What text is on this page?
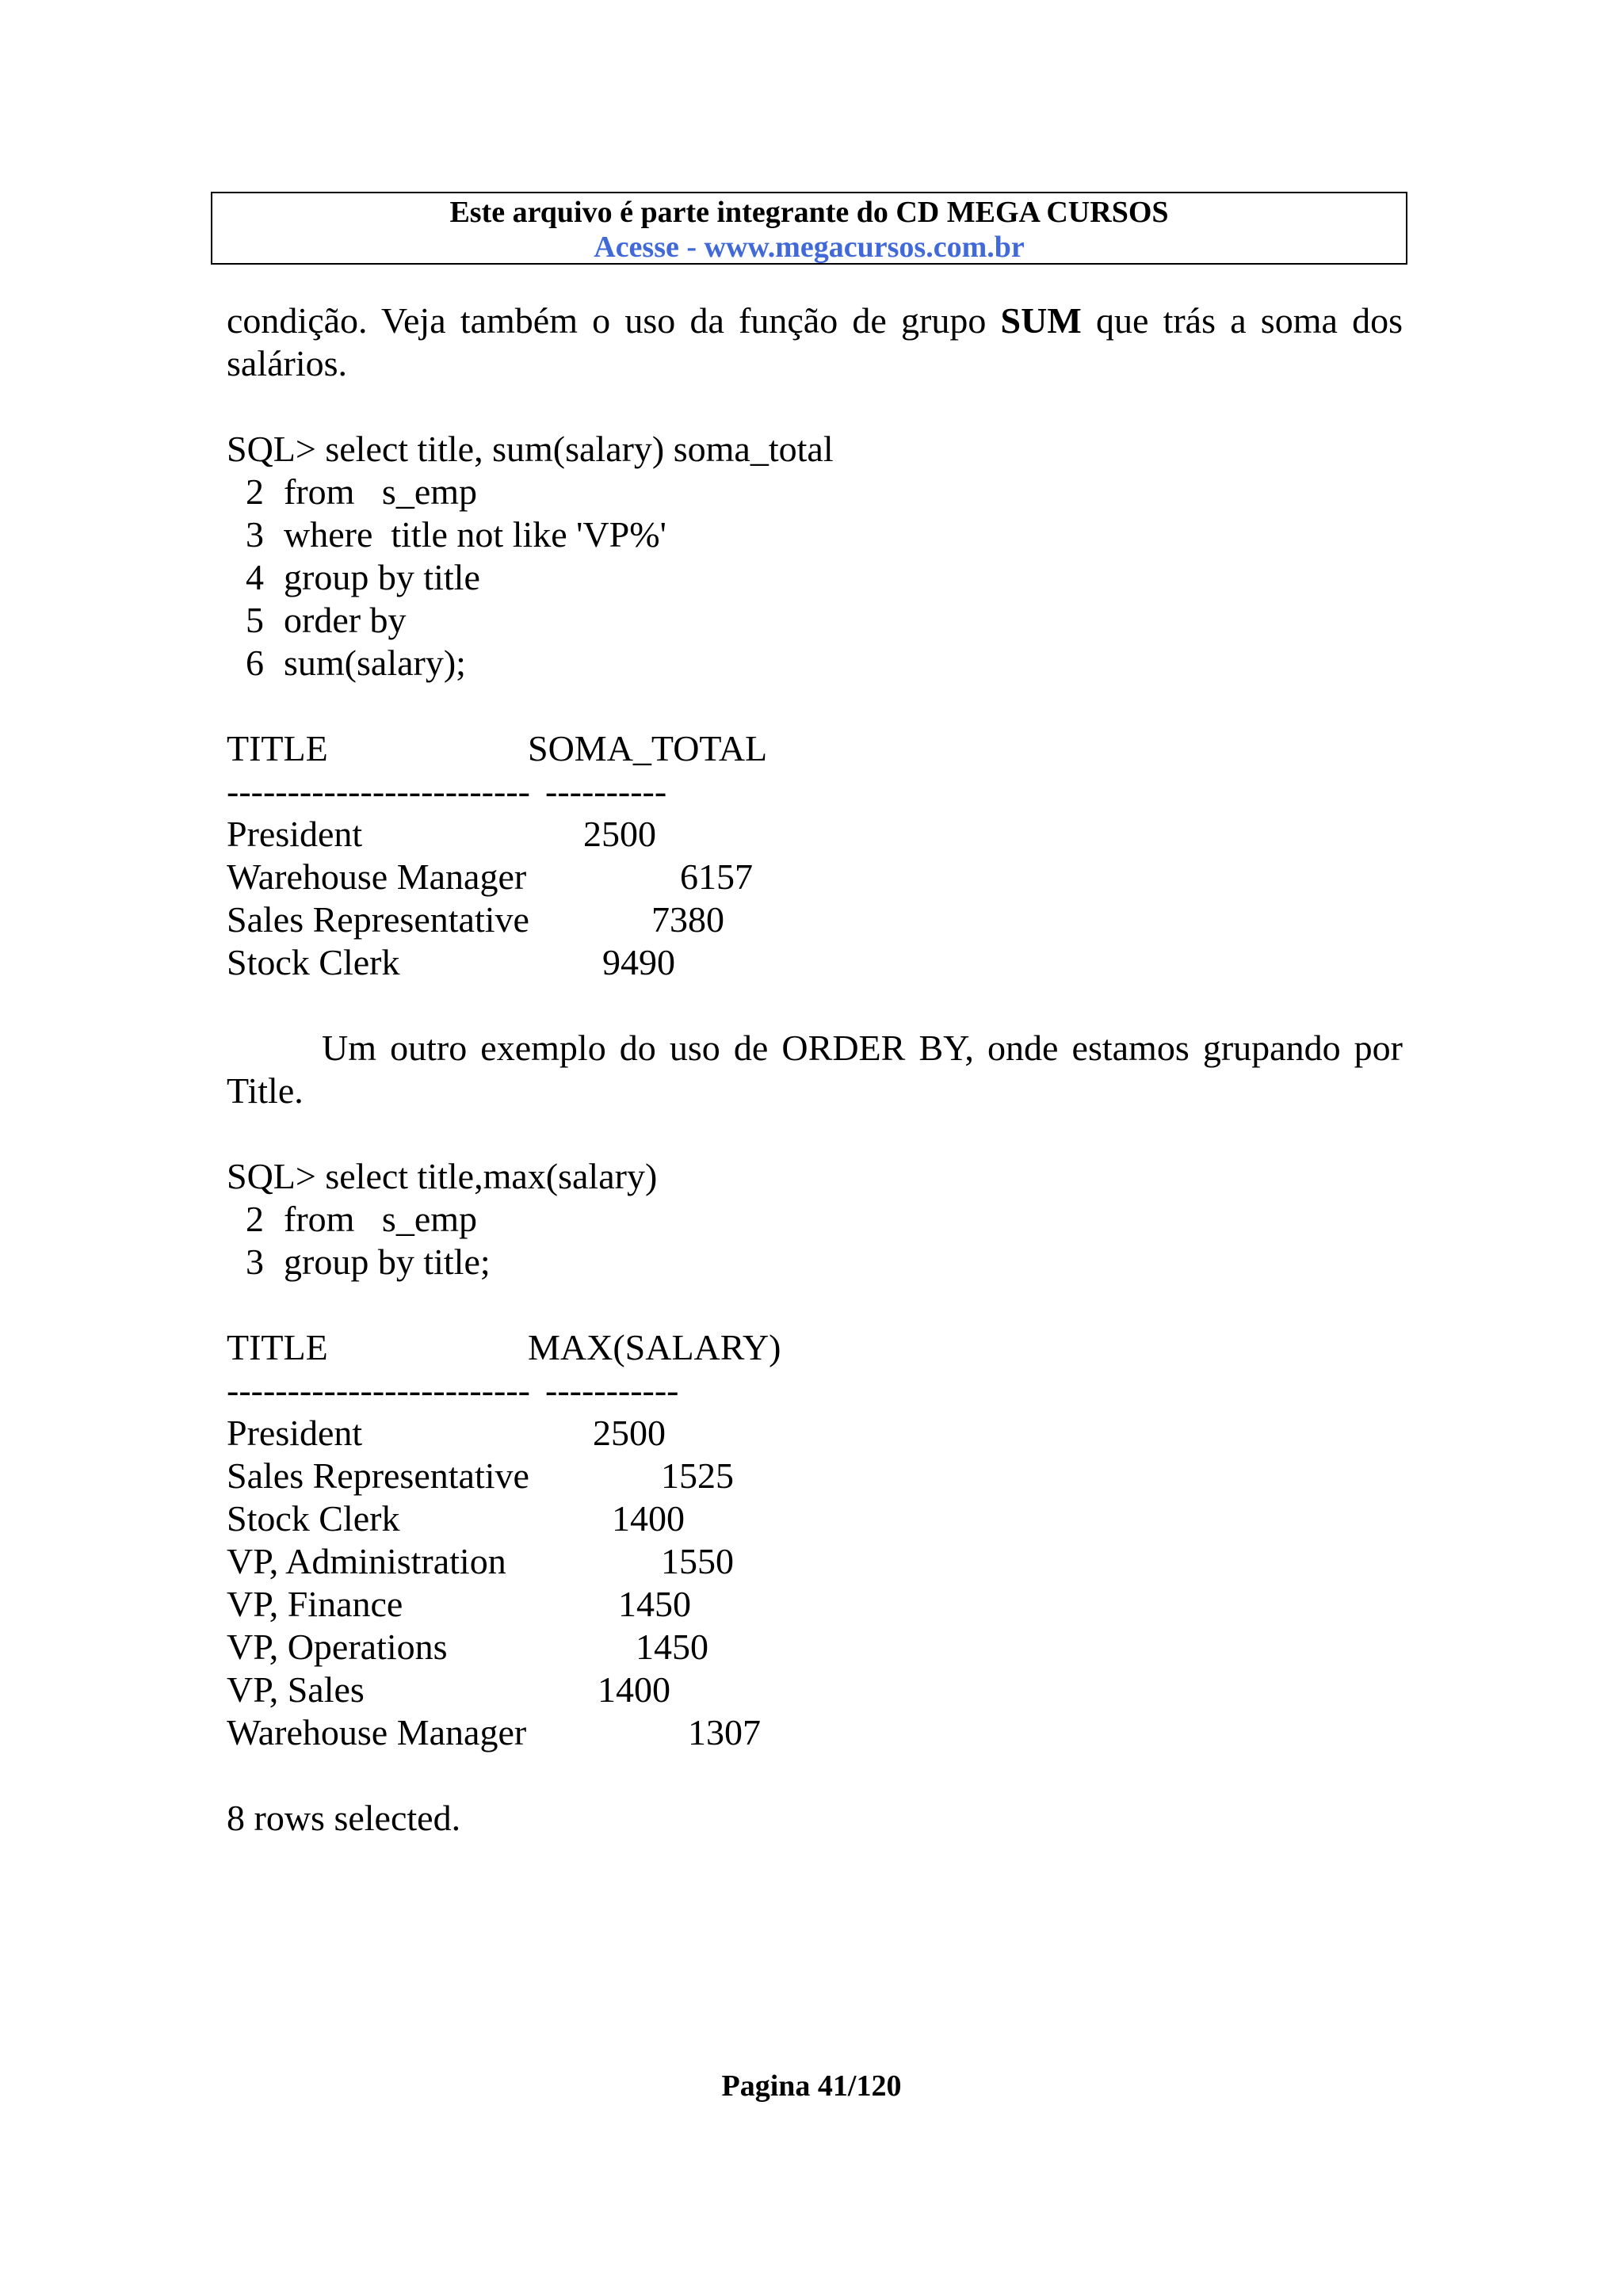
Este arquivo é parte integrante do CD MEGA CURSOS
Acesse - www.megacursos.com.br

condição. Veja também o uso da função de grupo SUM que trás a soma dos salários.

SQL> select title, sum(salary) soma_total
2 from   s_emp
3 where  title not like 'VP%'
4 group by title
5 order by
6 sum(salary);
TITLE	SOMA_TOTAL
------------------------- ----------
President	2500
Warehouse Manager	6157
Sales Representative	7380
Stock Clerk	9490

Um outro exemplo do uso de ORDER BY, onde estamos grupando por Title.

SQL> select title,max(salary)
2 from   s_emp
3 group by title;
TITLE	MAX(SALARY)
------------------------- -----------
President	2500
Sales Representative	1525
Stock Clerk	1400
VP, Administration	1550
VP, Finance	1450
VP, Operations	1450
VP, Sales	1400
Warehouse Manager	1307
8 rows selected.
Pagina 41/120
